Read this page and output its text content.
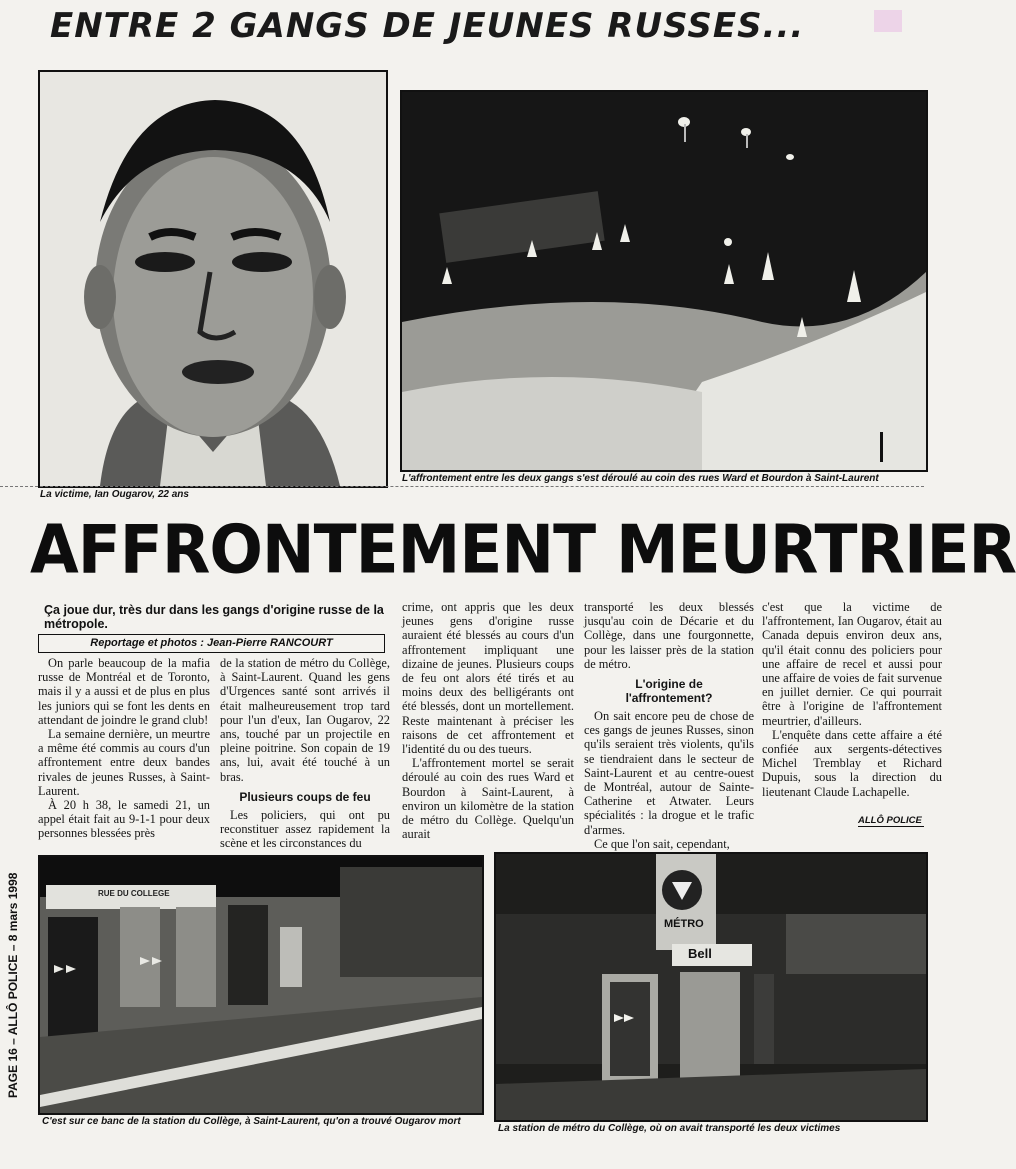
ENTRE 2 GANGS DE JEUNES RUSSES...
La victime, Ian Ougarov, 22 ans
L'affrontement entre les deux gangs s'est déroulé au coin des rues Ward et Bourdon à Saint-Laurent
AFFRONTEMENT MEURTRIER
Ça joue dur, très dur dans les gangs d'origine russe de la métropole.
Reportage et photos : Jean-Pierre RANCOURT

On parle beaucoup de la mafia russe de Montréal et de Toronto, mais il y a aussi et de plus en plus les juniors qui se font les dents en attendant de joindre le grand club!

La semaine dernière, un meurtre a même été commis au cours d'un affrontement entre deux bandes rivales de jeunes Russes, à Saint-Laurent.

À 20 h 38, le samedi 21, un appel était fait au 9-1-1 pour deux personnes blessées près

de la station de métro du Collège, à Saint-Laurent. Quand les gens d'Urgences santé sont arrivés il était malheureusement trop tard pour l'un d'eux, Ian Ougarov, 22 ans, touché par un projectile en pleine poitrine. Son copain de 19 ans, lui, avait été touché à un bras.

Plusieurs coups de feu

Les policiers, qui ont pu reconstituer assez rapidement la scène et les circonstances du

crime, ont appris que les deux jeunes gens d'origine russe auraient été blessés au cours d'un affrontement impliquant une dizaine de jeunes. Plusieurs coups de feu ont alors été tirés et au moins deux des belligérants ont été blessés, dont un mortellement. Reste maintenant à préciser les raisons de cet affrontement et l'identité du ou des tueurs.

L'affrontement mortel se serait déroulé au coin des rues Ward et Bourdon à Saint-Laurent, à environ un kilomètre de la station de métro du Collège. Quelqu'un aurait

transporté les deux blessés jusqu'au coin de Décarie et du Collège, dans une fourgonnette, pour les laisser près de la station de métro.

L'origine de l'affrontement?

On sait encore peu de chose de ces gangs de jeunes Russes, sinon qu'ils seraient très violents, qu'ils se tiendraient dans le secteur de Saint-Laurent et au centre-ouest de Montréal, autour de Sainte-Catherine et Atwater. Leurs spécialités : la drogue et le trafic d'armes.

Ce que l'on sait, cependant,

c'est que la victime de l'affrontement, Ian Ougarov, était au Canada depuis environ deux ans, qu'il était connu des policiers pour une affaire de recel et aussi pour une affaire de voies de fait survenue en juillet dernier. Ce qui pourrait être à l'origine de l'affrontement meurtrier, d'ailleurs.

L'enquête dans cette affaire a été confiée aux sergents-détectives Michel Tremblay et Richard Dupuis, sous la direction du lieutenant Claude Lachapelle.

ALLÔ POLICE
PAGE 16 – ALLÔ POLICE – 8 mars 1998	RUE DU COLLEGE
C'est sur ce banc de la station du Collège, à Saint-Laurent, qu'on a trouvé Ougarov mort
MÉTRO
Bell
La station de métro du Collège, où on avait transporté les deux victimes
